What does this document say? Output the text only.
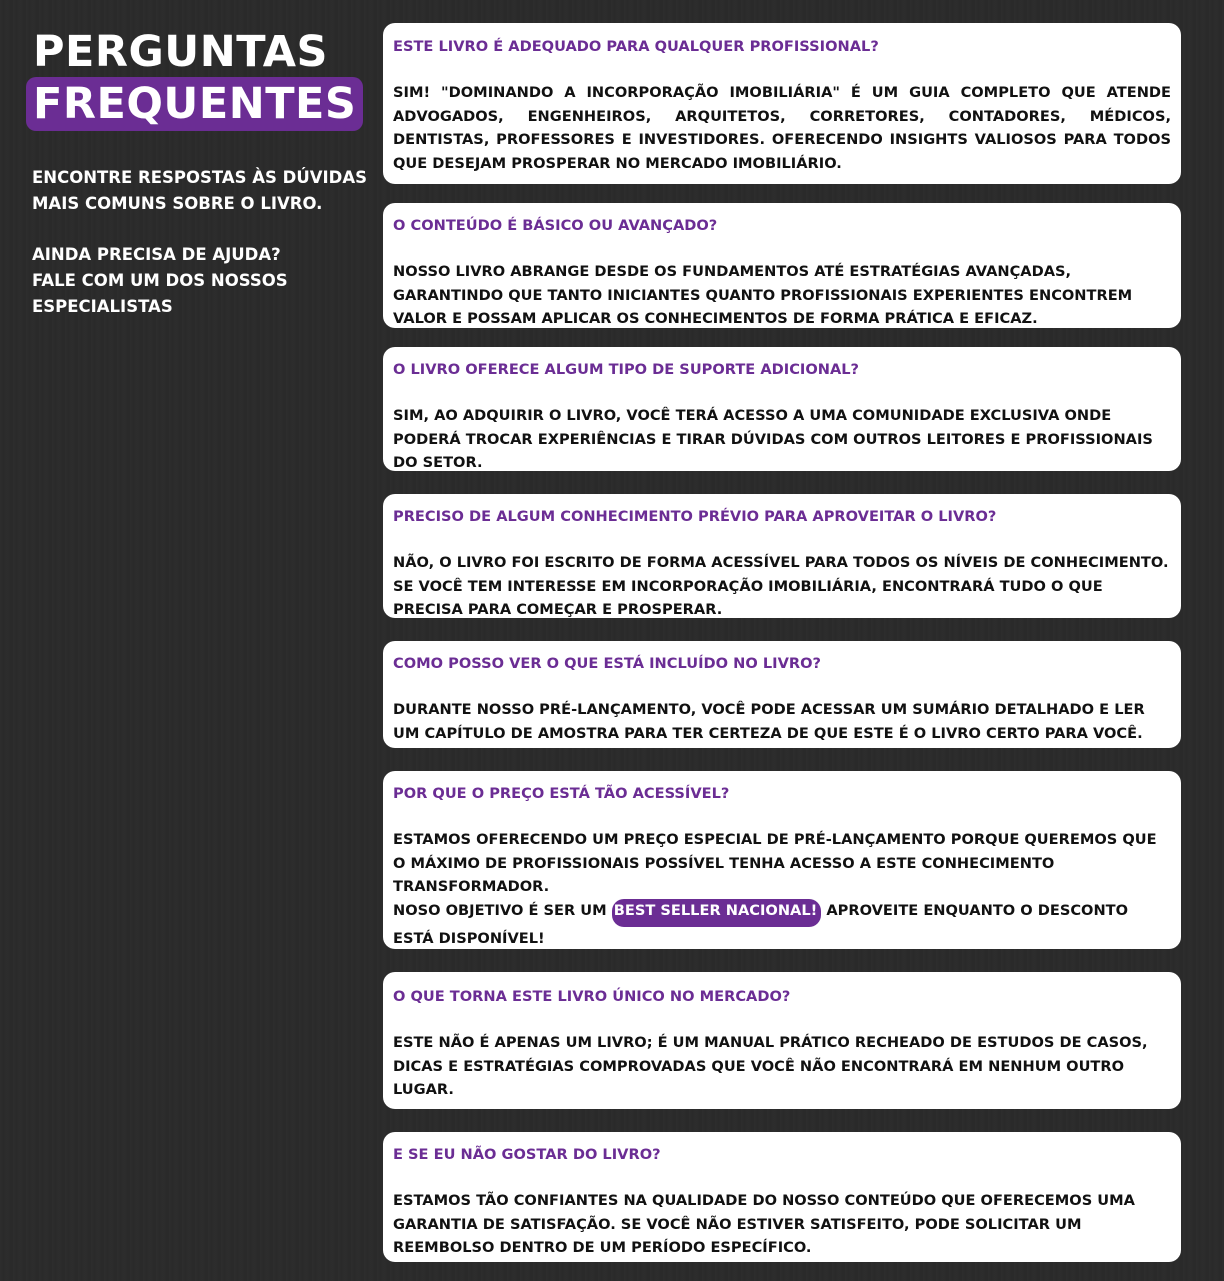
PERGUNTAS
FREQUENTES
ENCONTRE RESPOSTAS ÀS DÚVIDAS
MAIS COMUNS SOBRE O LIVRO.
AINDA PRECISA DE AJUDA?
FALE COM UM DOS NOSSOS
ESPECIALISTAS
ESTE LIVRO É ADEQUADO PARA QUALQUER PROFISSIONAL?
SIM! "DOMINANDO A INCORPORAÇÃO IMOBILIÁRIA" É UM GUIA COMPLETO QUE ATENDE ADVOGADOS, ENGENHEIROS, ARQUITETOS, CORRETORES, CONTADORES, MÉDICOS, DENTISTAS, PROFESSORES E INVESTIDORES. OFERECENDO INSIGHTS VALIOSOS PARA TODOS QUE DESEJAM PROSPERAR NO MERCADO IMOBILIÁRIO.
O CONTEÚDO É BÁSICO OU AVANÇADO?
NOSSO LIVRO ABRANGE DESDE OS FUNDAMENTOS ATÉ ESTRATÉGIAS AVANÇADAS, GARANTINDO QUE TANTO INICIANTES QUANTO PROFISSIONAIS EXPERIENTES ENCONTREM VALOR E POSSAM APLICAR OS CONHECIMENTOS DE FORMA PRÁTICA E EFICAZ.
O LIVRO OFERECE ALGUM TIPO DE SUPORTE ADICIONAL?
SIM, AO ADQUIRIR O LIVRO, VOCÊ TERÁ ACESSO A UMA COMUNIDADE EXCLUSIVA ONDE PODERÁ TROCAR EXPERIÊNCIAS E TIRAR DÚVIDAS COM OUTROS LEITORES E PROFISSIONAIS DO SETOR.
PRECISO DE ALGUM CONHECIMENTO PRÉVIO PARA APROVEITAR O LIVRO?
NÃO, O LIVRO FOI ESCRITO DE FORMA ACESSÍVEL PARA TODOS OS NÍVEIS DE CONHECIMENTO. SE VOCÊ TEM INTERESSE EM INCORPORAÇÃO IMOBILIÁRIA, ENCONTRARÁ TUDO O QUE PRECISA PARA COMEÇAR E PROSPERAR.
COMO POSSO VER O QUE ESTÁ INCLUÍDO NO LIVRO?
DURANTE NOSSO PRÉ-LANÇAMENTO, VOCÊ PODE ACESSAR UM SUMÁRIO DETALHADO E LER UM CAPÍTULO DE AMOSTRA PARA TER CERTEZA DE QUE ESTE É O LIVRO CERTO PARA VOCÊ.
POR QUE O PREÇO ESTÁ TÃO ACESSÍVEL?
ESTAMOS OFERECENDO UM PREÇO ESPECIAL DE PRÉ-LANÇAMENTO PORQUE QUEREMOS QUE O MÁXIMO DE PROFISSIONAIS POSSÍVEL TENHA ACESSO A ESTE CONHECIMENTO TRANSFORMADOR.
NOSO OBJETIVO É SER UM BEST SELLER NACIONAL! APROVEITE ENQUANTO O DESCONTO ESTÁ DISPONÍVEL!
O QUE TORNA ESTE LIVRO ÚNICO NO MERCADO?
ESTE NÃO É APENAS UM LIVRO; É UM MANUAL PRÁTICO RECHEADO DE ESTUDOS DE CASOS, DICAS E ESTRATÉGIAS COMPROVADAS QUE VOCÊ NÃO ENCONTRARÁ EM NENHUM OUTRO LUGAR.
E SE EU NÃO GOSTAR DO LIVRO?
ESTAMOS TÃO CONFIANTES NA QUALIDADE DO NOSSO CONTEÚDO QUE OFERECEMOS UMA GARANTIA DE SATISFAÇÃO. SE VOCÊ NÃO ESTIVER SATISFEITO, PODE SOLICITAR UM REEMBOLSO DENTRO DE UM PERÍODO ESPECÍFICO.
